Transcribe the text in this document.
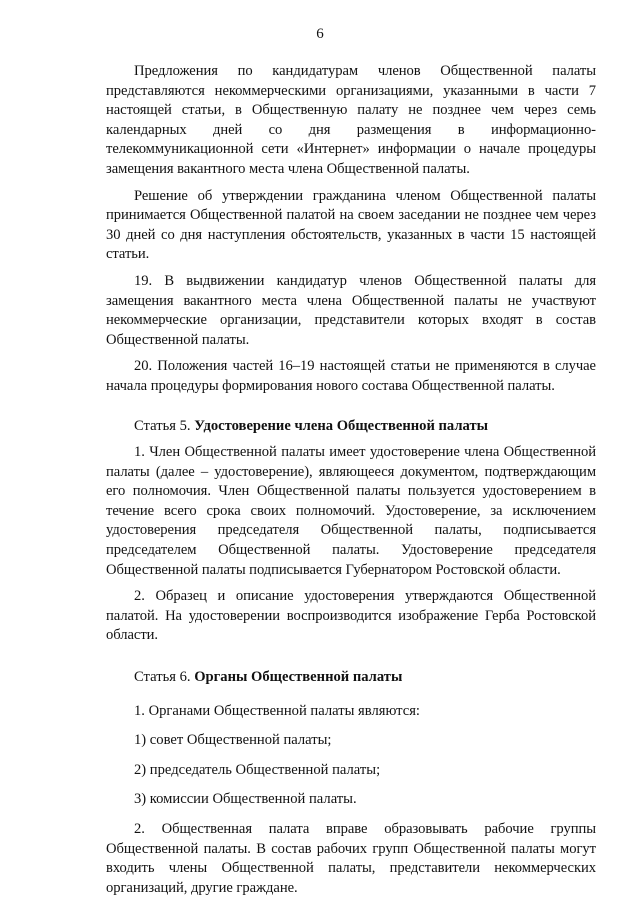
6

Предложения по кандидатурам членов Общественной палаты представляются некоммерческими организациями, указанными в части 7 настоящей статьи, в Общественную палату не позднее чем через семь календарных дней со дня размещения в информационно-телекоммуникационной сети «Интернет» информации о начале процедуры замещения вакантного места члена Общественной палаты.

Решение об утверждении гражданина членом Общественной палаты принимается Общественной палатой на своем заседании не позднее чем через 30 дней со дня наступления обстоятельств, указанных в части 15 настоящей статьи.

19. В выдвижении кандидатур членов Общественной палаты для замещения вакантного места члена Общественной палаты не участвуют некоммерческие организации, представители которых входят в состав Общественной палаты.

20. Положения частей 16–19 настоящей статьи не применяются в случае начала процедуры формирования нового состава Общественной палаты.

Статья 5. Удостоверение члена Общественной палаты

1. Член Общественной палаты имеет удостоверение члена Общественной палаты (далее – удостоверение), являющееся документом, подтверждающим его полномочия. Член Общественной палаты пользуется удостоверением в течение всего срока своих полномочий. Удостоверение, за исключением удостоверения председателя Общественной палаты, подписывается председателем Общественной палаты. Удостоверение председателя Общественной палаты подписывается Губернатором Ростовской области.

2. Образец и описание удостоверения утверждаются Общественной палатой. На удостоверении воспроизводится изображение Герба Ростовской области.

Статья 6. Органы Общественной палаты

1. Органами Общественной палаты являются:

1) совет Общественной палаты;

2) председатель Общественной палаты;

3) комиссии Общественной палаты.

2. Общественная палата вправе образовывать рабочие группы Общественной палаты. В состав рабочих групп Общественной палаты могут входить члены Общественной палаты, представители некоммерческих организаций, другие граждане.
